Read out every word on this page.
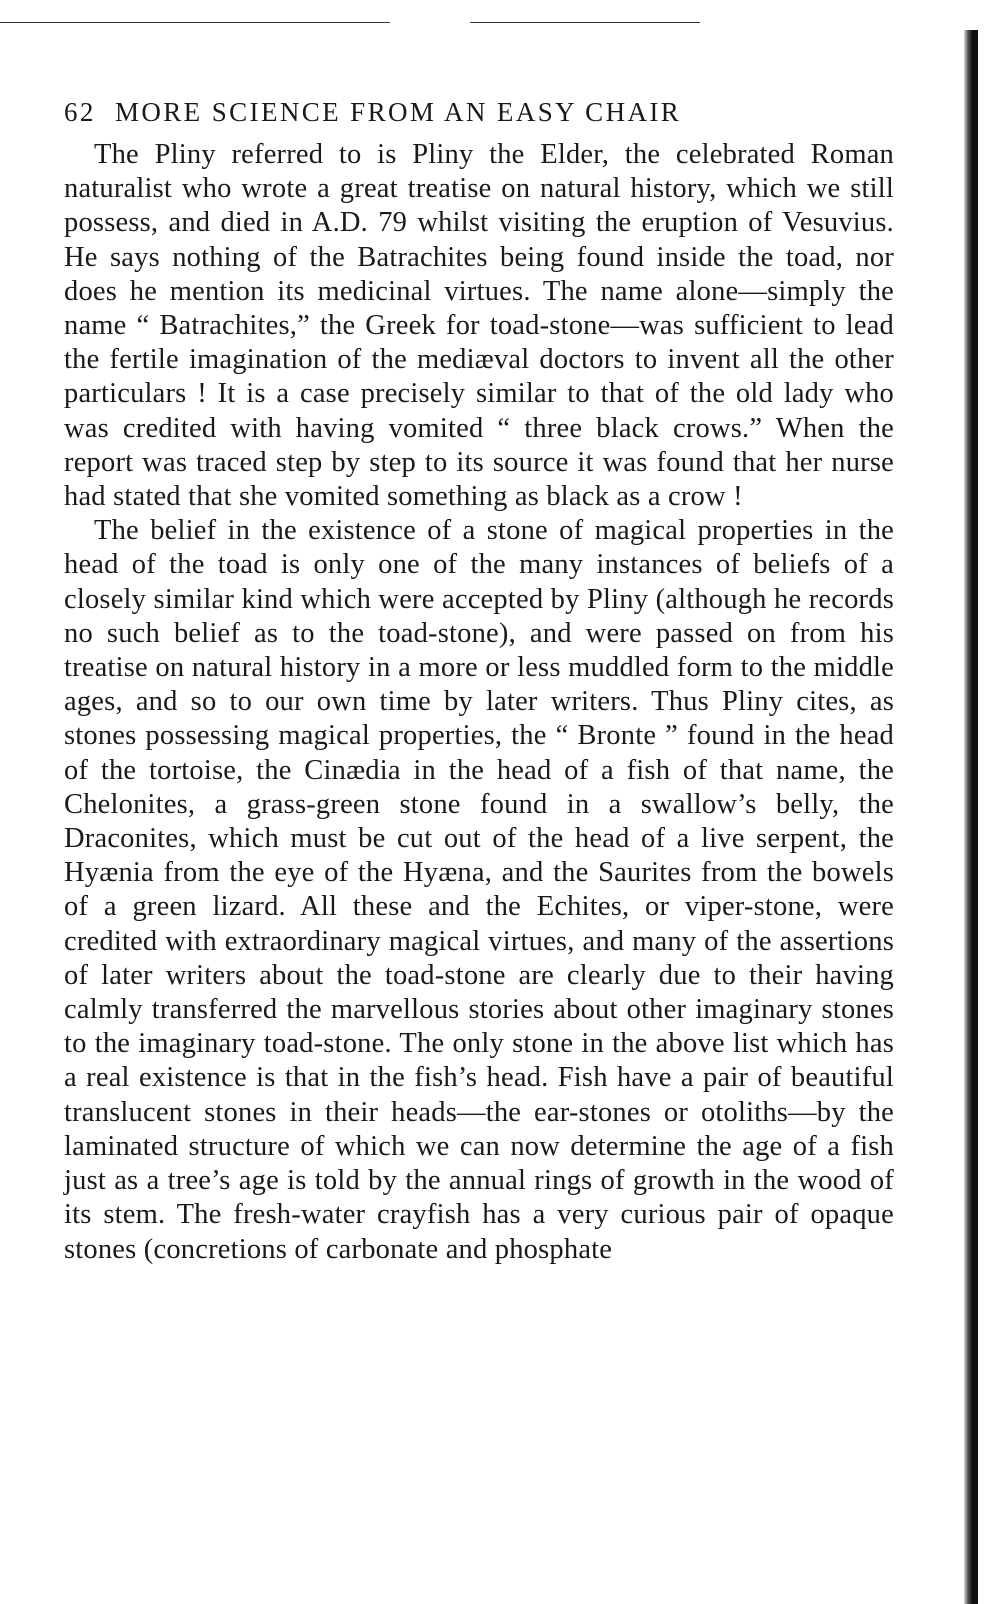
62 MORE SCIENCE FROM AN EASY CHAIR

The Pliny referred to is Pliny the Elder, the celebrated Roman naturalist who wrote a great treatise on natural history, which we still possess, and died in A.D. 79 whilst visiting the eruption of Vesuvius. He says nothing of the Batrachites being found inside the toad, nor does he mention its medicinal virtues. The name alone—simply the name “ Batrachites,” the Greek for toad-stone—was sufficient to lead the fertile imagination of the mediæval doctors to invent all the other particulars ! It is a case precisely similar to that of the old lady who was credited with having vomited “ three black crows.” When the report was traced step by step to its source it was found that her nurse had stated that she vomited something as black as a crow !

The belief in the existence of a stone of magical properties in the head of the toad is only one of the many instances of beliefs of a closely similar kind which were accepted by Pliny (although he records no such belief as to the toad-stone), and were passed on from his treatise on natural history in a more or less muddled form to the middle ages, and so to our own time by later writers. Thus Pliny cites, as stones possessing magical properties, the “ Bronte ” found in the head of the tortoise, the Cinædia in the head of a fish of that name, the Chelonites, a grass-green stone found in a swallow’s belly, the Draconites, which must be cut out of the head of a live serpent, the Hyænia from the eye of the Hyæna, and the Saurites from the bowels of a green lizard. All these and the Echites, or viper-stone, were credited with extraordinary magical virtues, and many of the assertions of later writers about the toad-stone are clearly due to their having calmly transferred the marvellous stories about other imaginary stones to the imaginary toad-stone. The only stone in the above list which has a real existence is that in the fish’s head. Fish have a pair of beautiful translucent stones in their heads—the ear-stones or otoliths—by the laminated structure of which we can now determine the age of a fish just as a tree’s age is told by the annual rings of growth in the wood of its stem. The fresh-water crayfish has a very curious pair of opaque stones (concretions of carbonate and phosphate
